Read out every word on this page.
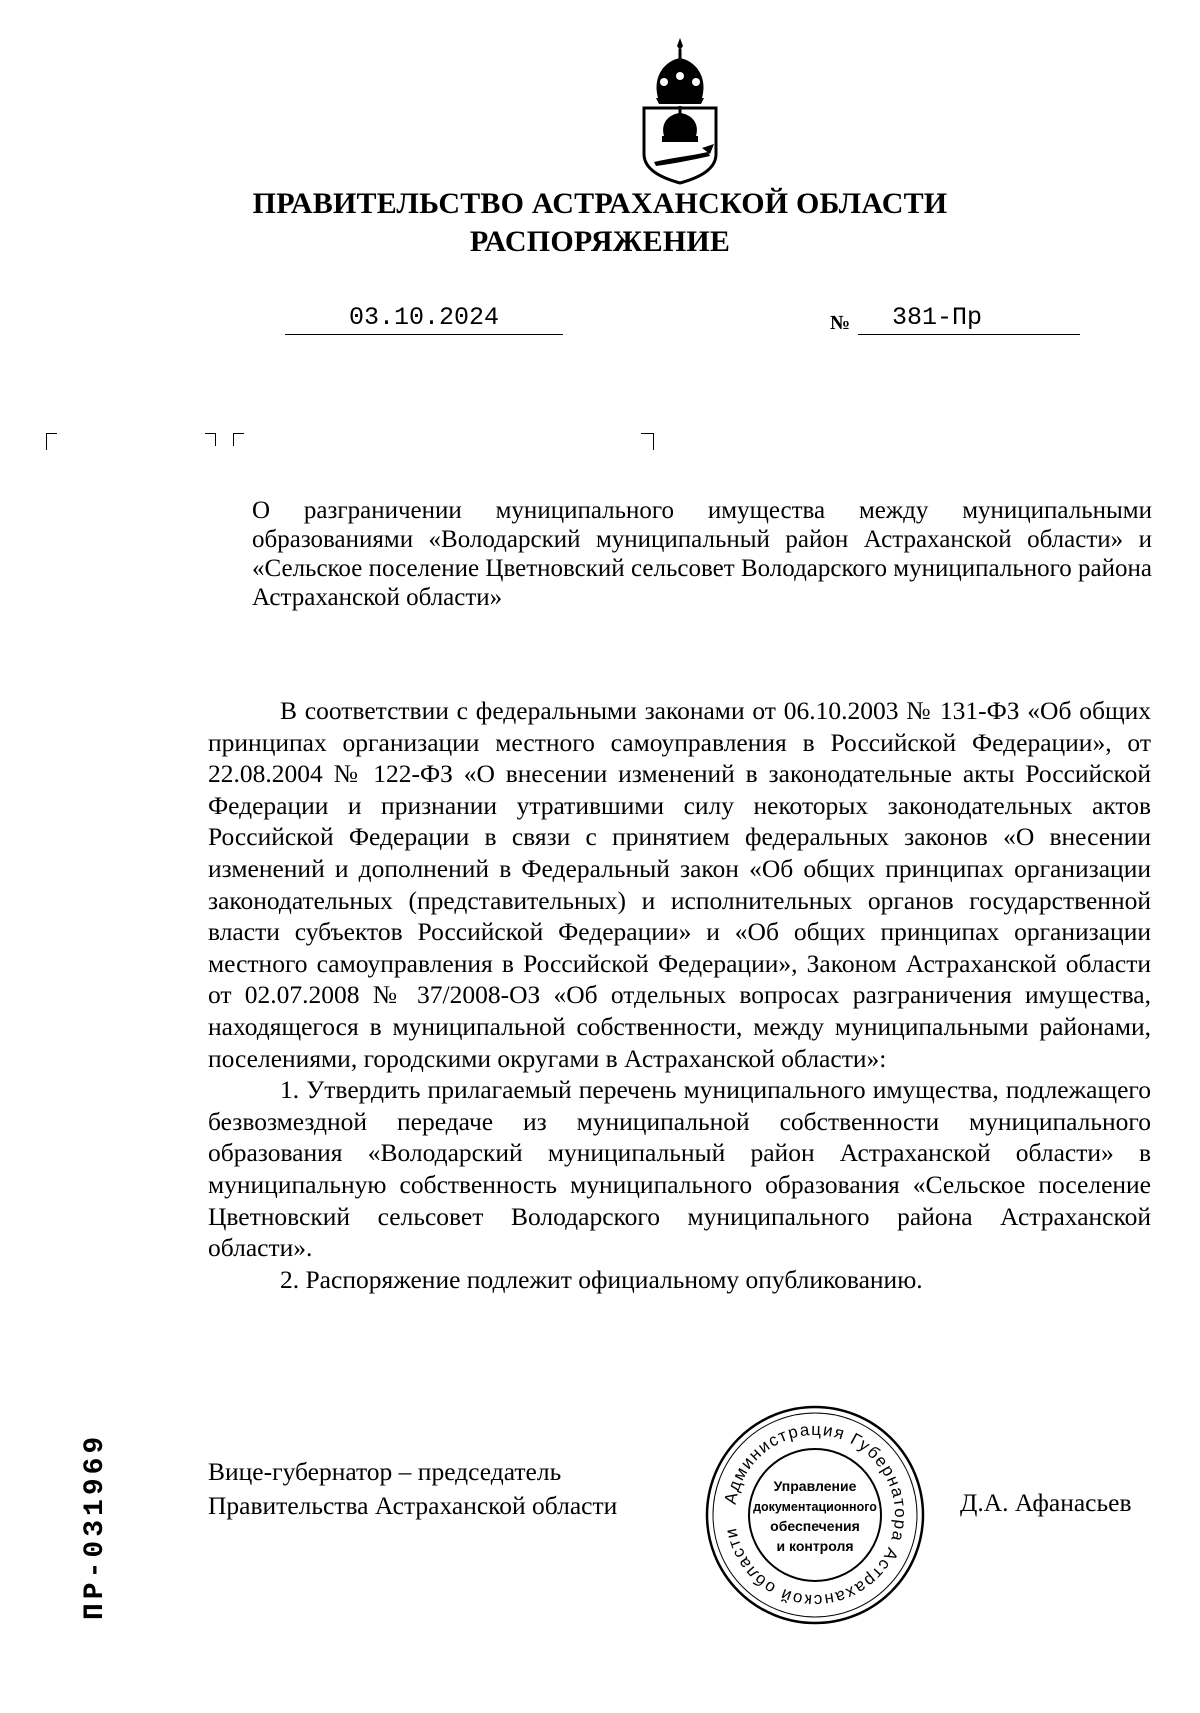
ПРАВИТЕЛЬСТВО АСТРАХАНСКОЙ ОБЛАСТИ
РАСПОРЯЖЕНИЕ
03.10.2024	№	381-Пр
О разграничении муниципального имущества между муниципальными образованиями «Володарский муниципальный район Астраханской области» и «Сельское поселение Цветновский сельсовет Володарского муниципального района Астраханской области»

В соответствии с федеральными законами от 06.10.2003 № 131-ФЗ «Об общих принципах организации местного самоуправления в Российской Федерации», от 22.08.2004 № 122-ФЗ «О внесении изменений в законодательные акты Российской Федерации и признании утратившими силу некоторых законодательных актов Российской Федерации в связи с принятием федеральных законов «О внесении изменений и дополнений в Федеральный закон «Об общих принципах организации законодательных (представительных) и исполнительных органов государственной власти субъектов Российской Федерации» и «Об общих принципах организации местного самоуправления в Российской Федерации», Законом Астраханской области от 02.07.2008 № 37/2008-ОЗ «Об отдельных вопросах разграничения имущества, находящегося в муниципальной собственности, между муниципальными районами, поселениями, городскими округами в Астраханской области»:

1. Утвердить прилагаемый перечень муниципального имущества, подлежащего безвозмездной передаче из муниципальной собственности муниципального образования «Володарский муниципальный район Астраханской области» в муниципальную собственность муниципального образования «Сельское поселение Цветновский сельсовет Володарского муниципального района Астраханской области».

2. Распоряжение подлежит официальному опубликованию.

Вице-губернатор – председатель
Правительства Астраханской области	Д.А. Афанасьев
Администрация Губернатора Астраханской области
Управление
документационного
обеспечения
и контроля
ПР-031969
